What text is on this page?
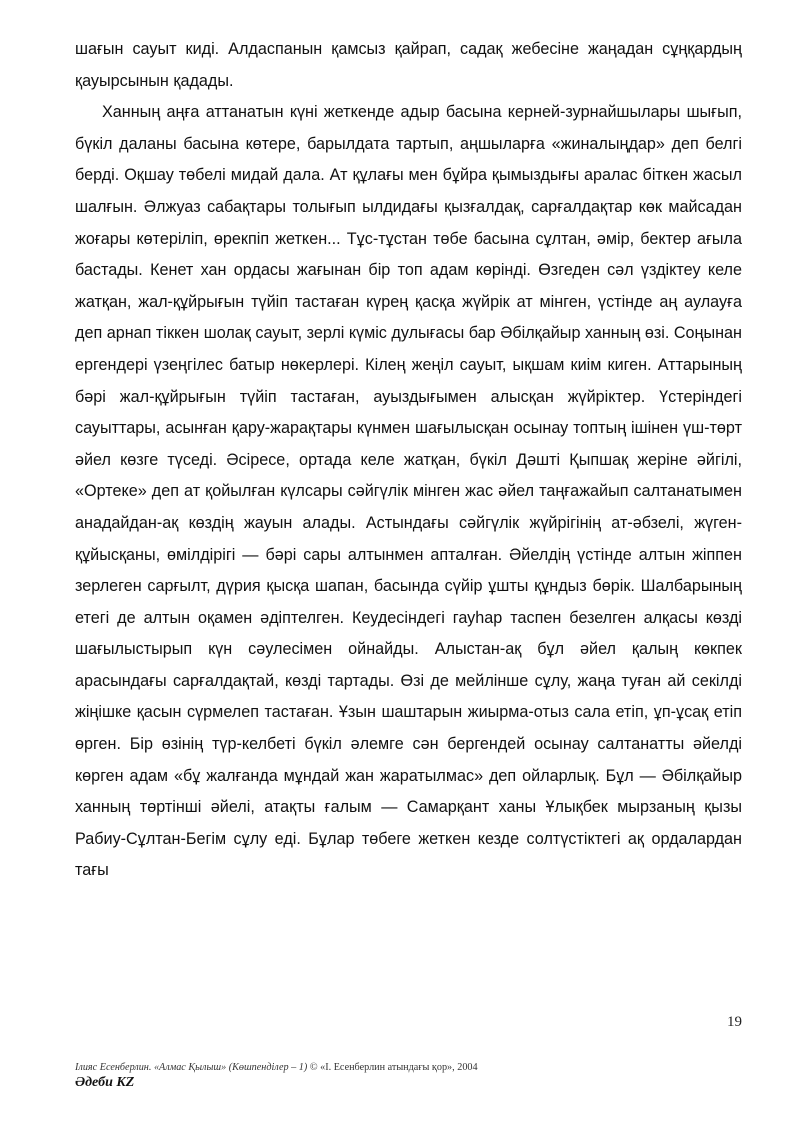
шағын сауыт киді. Алдаспанын қамсыз қайрап, садақ жебесіне жаңадан сұңқардың қауырсынын қадады.

Ханның аңға аттанатын күні жеткенде адыр басына керней-зурнайшылары шығып, бүкіл даланы басына көтере, барылдата тартып, аңшыларға «жиналыңдар» деп белгі берді. Оқшау төбелі мидай дала. Ат құлағы мен бұйра қымыздығы аралас біткен жасыл шалғын. Әлжуаз сабақтары толығып ылдидағы қызғалдақ, сарғалдақтар көк майсадан жоғары көтеріліп, өрекпіп жеткен... Тұс-тұстан төбе басына сұлтан, әмір, бектер ағыла бастады. Кенет хан ордасы жағынан бір топ адам көрінді. Өзгеден сәл үздіктеу келе жатқан, жал-құйрығын түйіп тастаған күрең қасқа жүйрік ат мінген, үстінде аң аулауға деп арнап тіккен шолақ сауыт, зерлі күміс дулығасы бар Әбілқайыр ханның өзі. Соңынан ергендері үзеңгілес батыр нөкерлері. Кілең жеңіл сауыт, ықшам киім киген. Аттарының бәрі жал-құйрығын түйіп тастаған, ауыздығымен алысқан жүйріктер. Үстеріндегі сауыттары, асынған қару-жарақтары күнмен шағылысқан осынау топтың ішінен үш-төрт әйел көзге түседі. Әсіресе, ортада келе жатқан, бүкіл Дәшті Қыпшақ жеріне әйгілі, «Ортеке» деп ат қойылған күлсары сәйгүлік мінген жас әйел таңғажайып салтанатымен анадайдан-ақ көздің жауын алады. Астындағы сәйгүлік жүйрігінің ат-әбзелі, жүген-құйысқаны, өмілдірігі — бәрі сары алтынмен апталған. Әйелдің үстінде алтын жіппен зерлеген сарғылт, дүрия қысқа шапан, басында сүйір ұшты құндыз бөрік. Шалбарының етегі де алтын оқамен әдіптелген. Кеудесіндегі гауһар таспен безелген алқасы көзді шағылыстырып күн сәулесімен ойнайды. Алыстан-ақ бұл әйел қалың көкпек арасындағы сарғалдақтай, көзді тартады. Өзі де мейлінше сұлу, жаңа туған ай секілді жіңішке қасын сүрмелеп тастаған. Ұзын шаштарын жиырма-отыз сала етіп, ұп-ұсақ етіп өрген. Бір өзінің түр-келбеті бүкіл әлемге сән бергендей осынау салтанатты әйелді көрген адам «бұ жалғанда мұндай жан жаратылмас» деп ойларлық. Бұл — Әбілқайыр ханның төртінші әйелі, атақты ғалым — Самарқант ханы Ұлықбек мырзаның қызы Рабиу-Сұлтан-Бегім сұлу еді. Бұлар төбеге жеткен кезде солтүстіктегі ақ ордалардан тағы

19
Ілияс Есенберлин. «Алмас Қылыш» (Көшпенділер – 1) © «І. Есенберлин атындағы қор», 2004
Әдеби KZ
